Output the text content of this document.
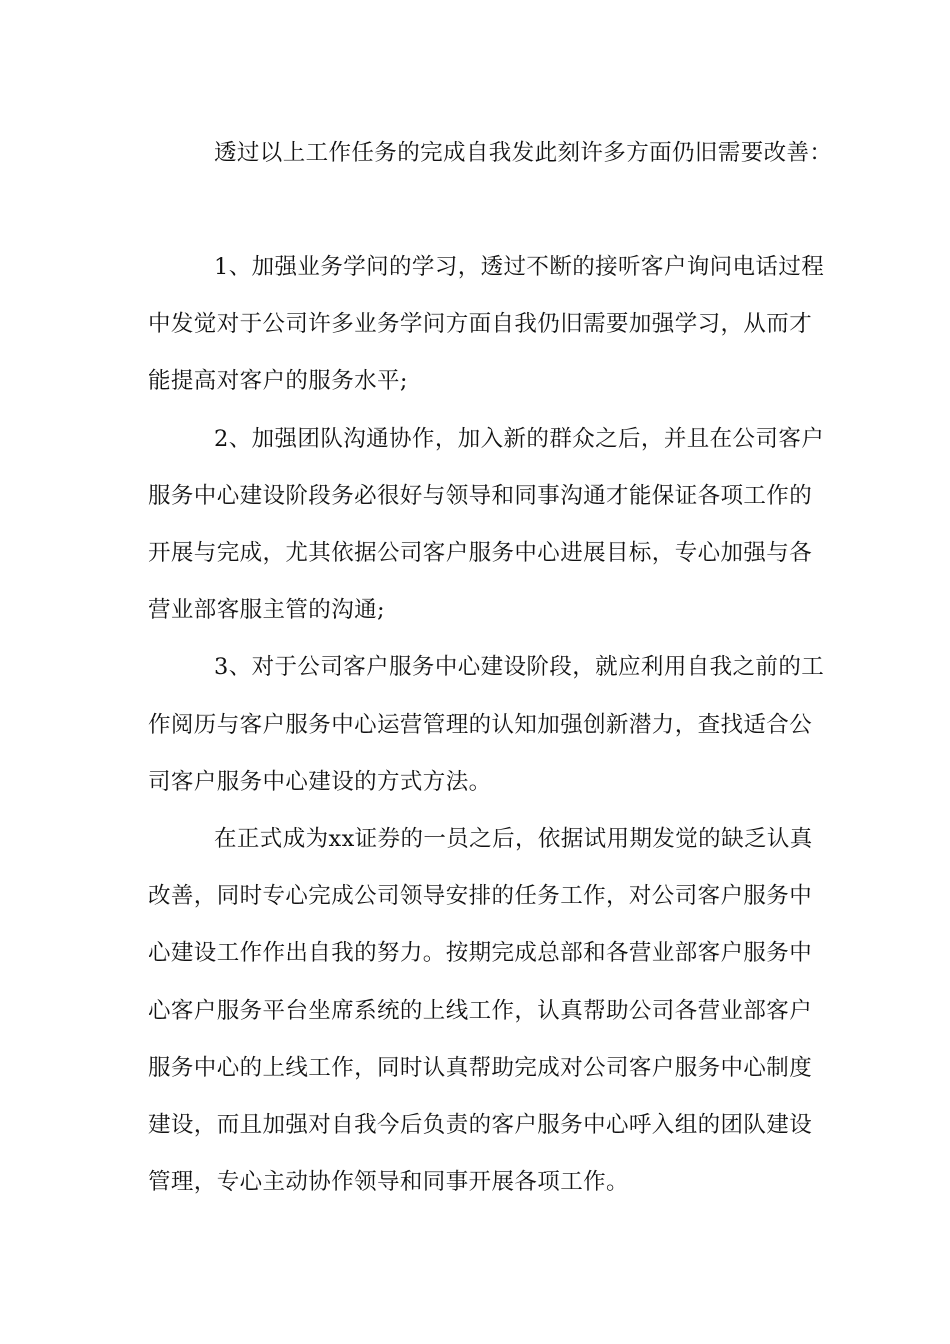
透过以上工作任务的完成自我发此刻许多方面仍旧需要改善：
1、加强业务学问的学习，透过不断的接听客户询问电话过程
中发觉对于公司许多业务学问方面自我仍旧需要加强学习，从而才
能提高对客户的服务水平;
2、加强团队沟通协作，加入新的群众之后，并且在公司客户
服务中心建设阶段务必很好与领导和同事沟通才能保证各项工作的
开展与完成，尤其依据公司客户服务中心进展目标，专心加强与各
营业部客服主管的沟通;
3、对于公司客户服务中心建设阶段，就应利用自我之前的工
作阅历与客户服务中心运营管理的认知加强创新潜力，查找适合公
司客户服务中心建设的方式方法。
在正式成为xx证券的一员之后，依据试用期发觉的缺乏认真
改善，同时专心完成公司领导安排的任务工作，对公司客户服务中
心建设工作作出自我的努力。按期完成总部和各营业部客户服务中
心客户服务平台坐席系统的上线工作，认真帮助公司各营业部客户
服务中心的上线工作，同时认真帮助完成对公司客户服务中心制度
建设，而且加强对自我今后负责的客户服务中心呼入组的团队建设
管理，专心主动协作领导和同事开展各项工作。
